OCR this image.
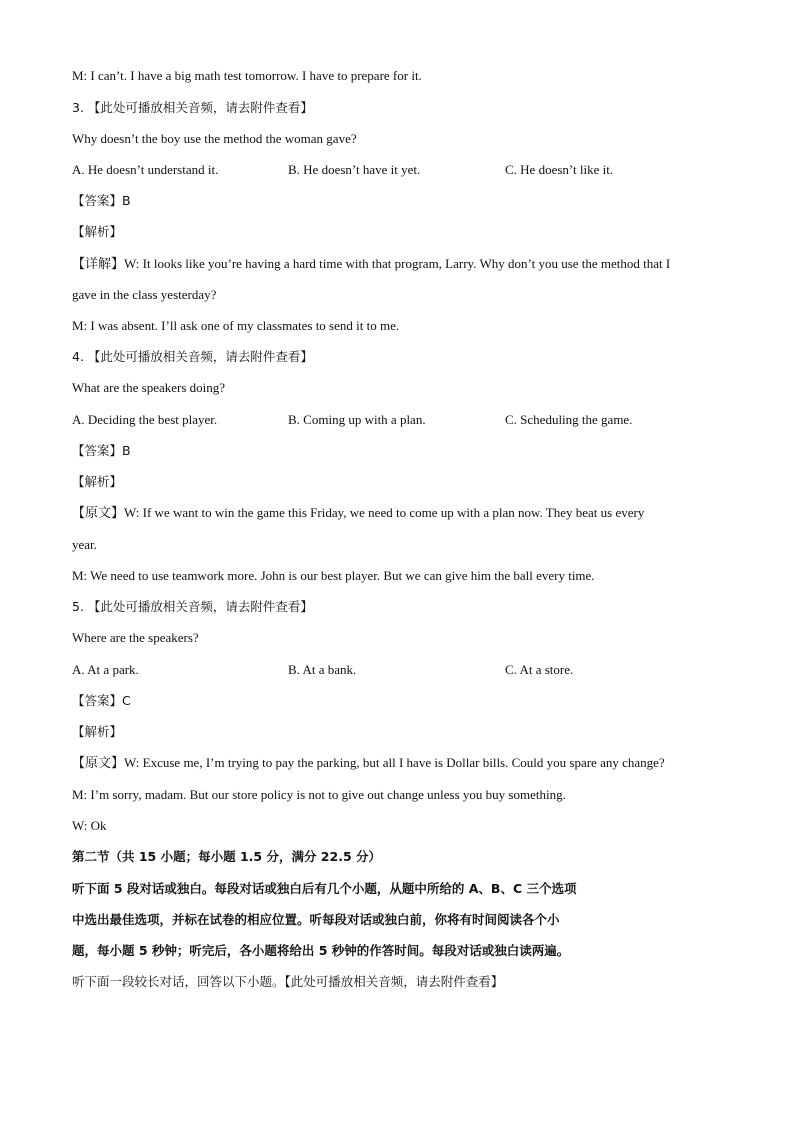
M: I can’t. I have a big math test tomorrow. I have to prepare for it.
3. 【此处可播放相关音频，请去附件查看】
Why doesn’t the boy use the method the woman gave?
A. He doesn’t understand it.	B. He doesn’t have it yet.	C. He doesn’t like it.
【答案】B
【解析】
【详解】W: It looks like you’re having a hard time with that program, Larry. Why don’t you use the method that I
gave in the class yesterday?
M: I was absent. I’ll ask one of my classmates to send it to me.
4. 【此处可播放相关音频，请去附件查看】
What are the speakers doing?
A. Deciding the best player.	B. Coming up with a plan.	C. Scheduling the game.
【答案】B
【解析】
【原文】W: If we want to win the game this Friday, we need to come up with a plan now. They beat us every
year.
M: We need to use teamwork more. John is our best player. But we can give him the ball every time.
5. 【此处可播放相关音频，请去附件查看】
Where are the speakers?
A. At a park.	B. At a bank.	C. At a store.
【答案】C
【解析】
【原文】W: Excuse me, I’m trying to pay the parking, but all I have is Dollar bills. Could you spare any change?
M: I’m sorry, madam. But our store policy is not to give out change unless you buy something.
W: Ok
第二节（共 15 小题；每小题 1.5 分，满分 22.5 分）
听下面 5 段对话或独白。每段对话或独白后有几个小题，从题中所给的 A、B、C 三个选项
中选出最佳选项，并标在试卷的相应位置。听每段对话或独白前，你将有时间阅读各个小
题，每小题 5 秒钟；听完后，各小题将给出 5 秒钟的作答时间。每段对话或独白读两遍。
听下面一段较长对话，回答以下小题。【此处可播放相关音频，请去附件查看】
